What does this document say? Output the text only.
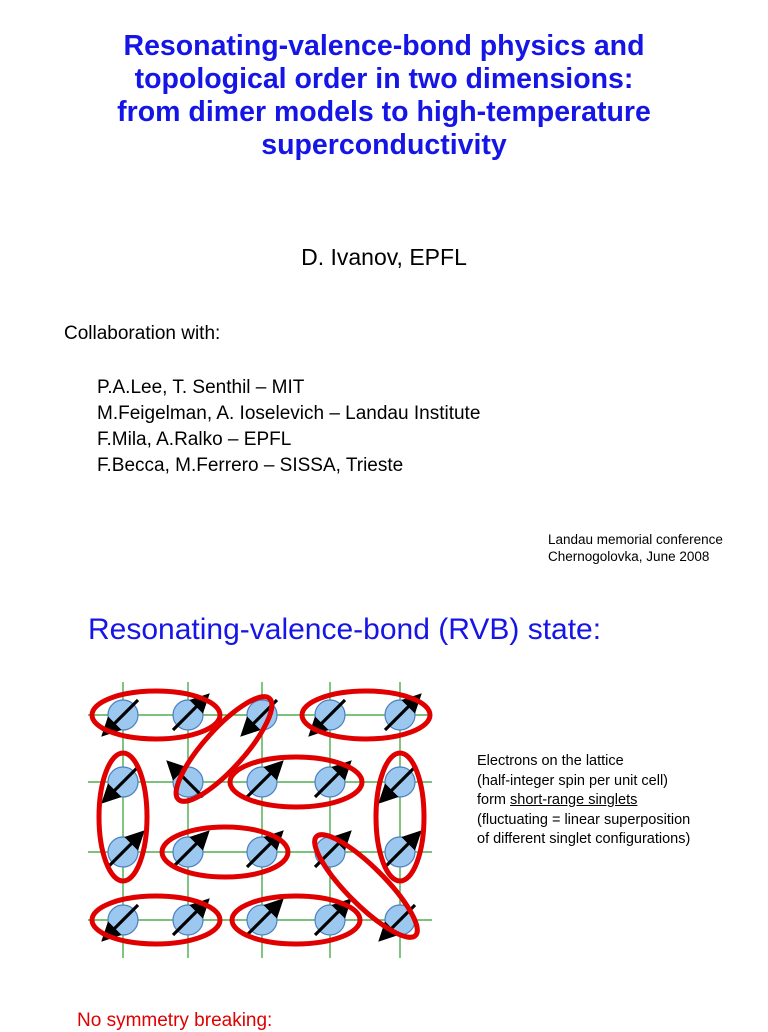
Resonating-valence-bond physics and
topological order in two dimensions:
from dimer models to high-temperature
superconductivity
D. Ivanov, EPFL
Collaboration with:
P.A.Lee, T. Senthil – MIT
M.Feigelman, A. Ioselevich – Landau Institute
F.Mila, A.Ralko – EPFL
F.Becca, M.Ferrero – SISSA, Trieste
Landau memorial conference
Chernogolovka, June 2008
Resonating-valence-bond (RVB) state:
Electrons on the lattice
(half-integer spin per unit cell)
form short-range singlets
(fluctuating = linear superposition
of different singlet configurations)
No symmetry breaking:
